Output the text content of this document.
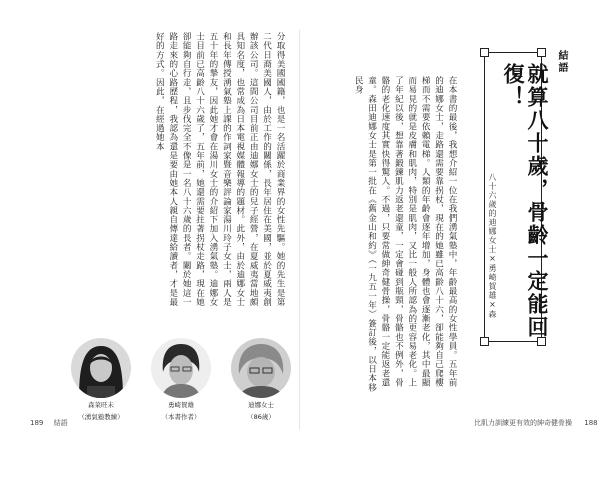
分取得美國國籍，也是一名活躍於商業界的女性先驅。她的先生是第二代日裔美國人，由於工作的關係，長年居住在美國，並於夏威夷創辦該公司。這間公司目前正由迪娜女士的兒子經營，在夏威夷當地頗具知名度，也常成為日本電視媒體報導的題材。此外，由於迪娜女士和長年傳授湧氣塾上課的作詞家暨音樂評論家湯川玲子女士，兩人是五十年的摯友，因此她才會在湯川女士的介紹下加入湧氣塾。迪娜女士目前已高齡八十六歲了，五年前，她還需要拄著拐杖走路，現在她卻能夠自行走，且步伐完全不像是一名八十六歲的長者。關於她這一路走來的心路歷程，我認為還是要由她本人親自傳達給讀者，才是最好的方式。因此，在經過她本
森菜旺未
（湧氣塾教練）
勇崎賀雄
（本書作者）
迪娜女士
（86歲）
結語
就算八十歲，骨齡一定能回復！
八十六歲的迪娜女士×勇崎賀雄×森
在本書的最後，我想介紹一位在我們湧氣塾中，年齡最高的女性學員。五年前的迪娜女士，走路還需要靠拐杖，現在的她雖已高齡八十六，卻能夠自己爬樓梯而不需要依賴電梯。人類的年齡會逐年增加，身體也會逐漸老化，其中最顯而易見的就是皮膚和肌肉，特別是肌肉，又比一般人所認為的更容易老化。上了年紀以後，想靠著鍛鍊肌力返老還童，一定會碰到瓶頸，骨骼也不例外，骨骼的老化速度其實快得驚人。不過，只要常做紳奇健骨操，骨骼一定能返老還童。森田迪娜女士是第一批在《舊金山和約》（一九五一年）簽訂後，以日本移民身
189 結語	比肌力訓練更有效的紳奇健骨操 188
